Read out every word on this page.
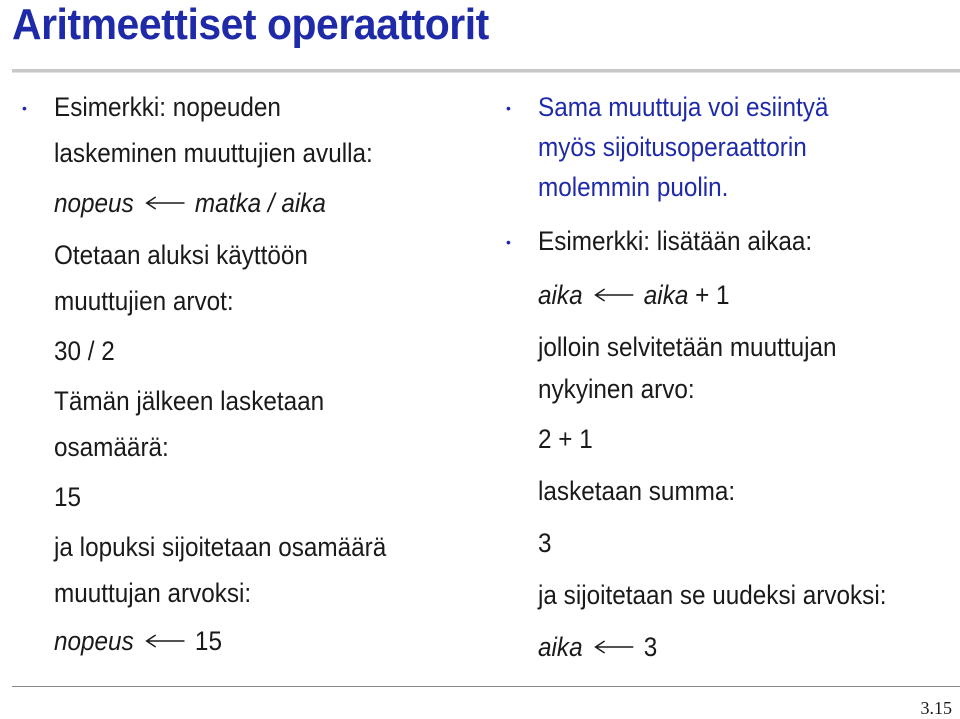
Aritmeettiset operaattorit
• Esimerkki: nopeuden
laskeminen muuttujien avulla:
nopeus matka / aika
Otetaan aluksi käyttöön
muuttujien arvot:
30 / 2
Tämän jälkeen lasketaan
osamäärä:
15
ja lopuksi sijoitetaan osamäärä
muuttujan arvoksi:
nopeus 15
• Sama muuttuja voi esiintyä
myös sijoitusoperaattorin
molemmin puolin.
• Esimerkki: lisätään aikaa:
aika aika + 1
jolloin selvitetään muuttujan
nykyinen arvo:
2 + 1
lasketaan summa:
3
ja sijoitetaan se uudeksi arvoksi:
aika 3
3.15
